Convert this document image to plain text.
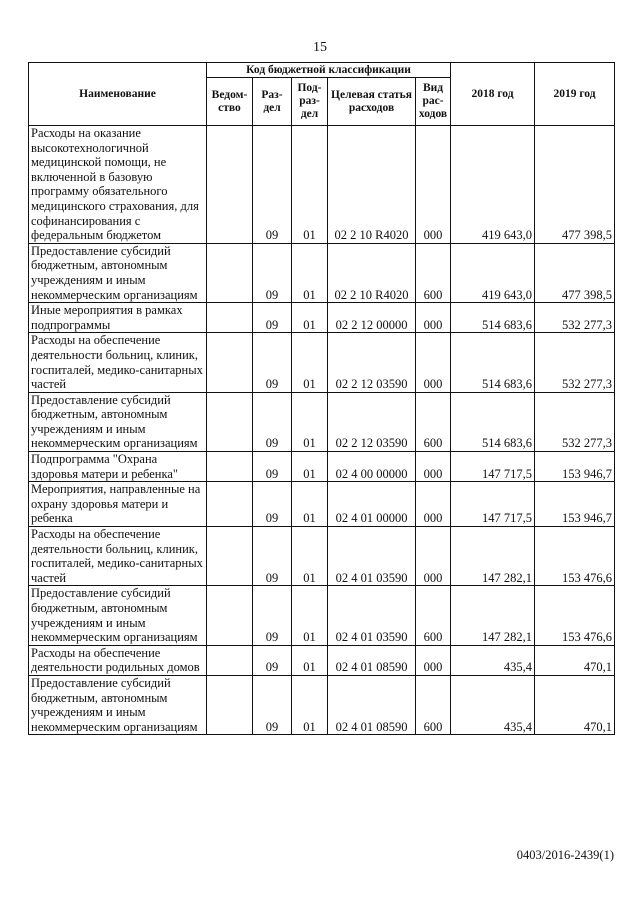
15
Наименование	Код бюджетной классификации					2018 год	2019 год
	Ведом-ство	Раз-дел	Под-раз-дел	Целевая статья расходов	Вид рас-ходов		
Расходы на оказание высокотехнологичной медицинской помощи, не включенной в базовую программу обязательного медицинского страхования, для софинансирования с федеральным бюджетом		09	01	02 2 10 R4020	000	419 643,0	477 398,5
Предоставление субсидий бюджетным, автономным учреждениям и иным некоммерческим организациям		09	01	02 2 10 R4020	600	419 643,0	477 398,5
Иные мероприятия в рамках подпрограммы		09	01	02 2 12 00000	000	514 683,6	532 277,3
Расходы на обеспечение деятельности больниц, клиник, госпиталей, медико-санитарных частей		09	01	02 2 12 03590	000	514 683,6	532 277,3
Предоставление субсидий бюджетным, автономным учреждениям и иным некоммерческим организациям		09	01	02 2 12 03590	600	514 683,6	532 277,3
Подпрограмма "Охрана здоровья матери и ребенка"		09	01	02 4 00 00000	000	147 717,5	153 946,7
Мероприятия, направленные на охрану здоровья матери и ребенка		09	01	02 4 01 00000	000	147 717,5	153 946,7
Расходы на обеспечение деятельности больниц, клиник, госпиталей, медико-санитарных частей		09	01	02 4 01 03590	000	147 282,1	153 476,6
Предоставление субсидий бюджетным, автономным учреждениям и иным некоммерческим организациям		09	01	02 4 01 03590	600	147 282,1	153 476,6
Расходы на обеспечение деятельности родильных домов		09	01	02 4 01 08590	000	435,4	470,1
Предоставление субсидий бюджетным, автономным учреждениям и иным некоммерческим организациям		09	01	02 4 01 08590	600	435,4	470,1
0403/2016-2439(1)
